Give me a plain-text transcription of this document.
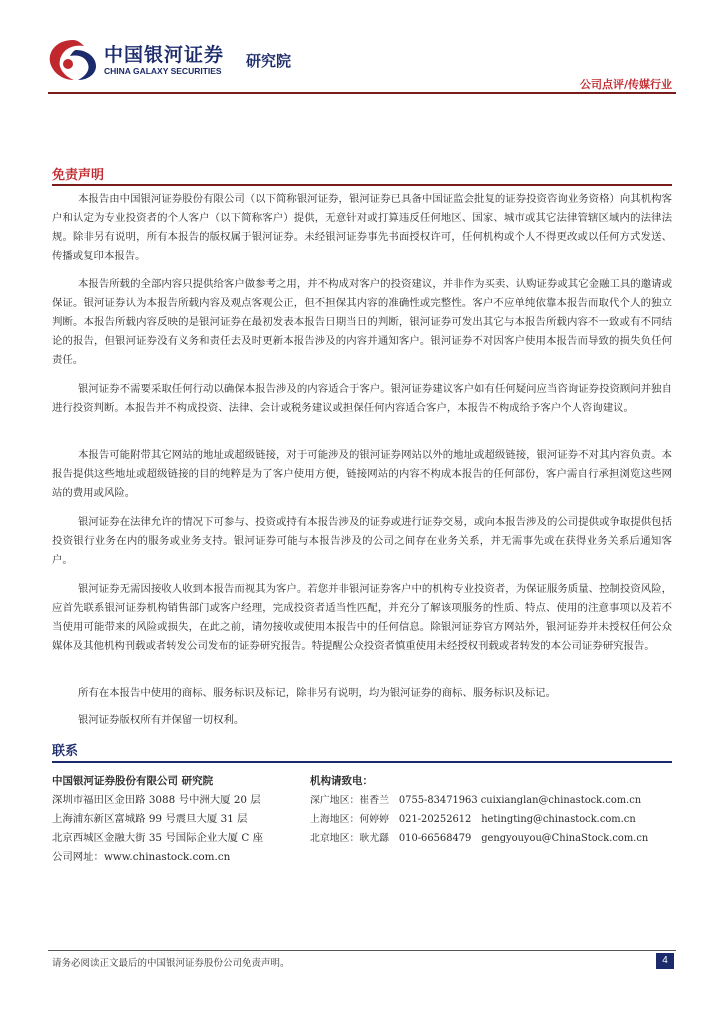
中国银河证券
CHINA GALAXY SECURITIES
研究院
公司点评/传媒行业
免责声明

本报告由中国银河证券股份有限公司（以下简称银河证券，银河证券已具备中国证监会批复的证券投资咨询业务资格）向其机构客户和认定为专业投资者的个人客户（以下简称客户）提供，无意针对或打算违反任何地区、国家、城市或其它法律管辖区域内的法律法规。除非另有说明，所有本报告的版权属于银河证券。未经银河证券事先书面授权许可，任何机构或个人不得更改或以任何方式发送、传播或复印本报告。

本报告所载的全部内容只提供给客户做参考之用，并不构成对客户的投资建议，并非作为买卖、认购证券或其它金融工具的邀请或保证。银河证券认为本报告所载内容及观点客观公正，但不担保其内容的准确性或完整性。客户不应单纯依靠本报告而取代个人的独立判断。本报告所载内容反映的是银河证券在最初发表本报告日期当日的判断，银河证券可发出其它与本报告所载内容不一致或有不同结论的报告，但银河证券没有义务和责任去及时更新本报告涉及的内容并通知客户。银河证券不对因客户使用本报告而导致的损失负任何责任。

银河证券不需要采取任何行动以确保本报告涉及的内容适合于客户。银河证券建议客户如有任何疑问应当咨询证券投资顾问并独自进行投资判断。本报告并不构成投资、法律、会计或税务建议或担保任何内容适合客户，本报告不构成给予客户个人咨询建议。

本报告可能附带其它网站的地址或超级链接，对于可能涉及的银河证券网站以外的地址或超级链接，银河证券不对其内容负责。本报告提供这些地址或超级链接的目的纯粹是为了客户使用方便，链接网站的内容不构成本报告的任何部份，客户需自行承担浏览这些网站的费用或风险。

银河证券在法律允许的情况下可参与、投资或持有本报告涉及的证券或进行证券交易，或向本报告涉及的公司提供或争取提供包括投资银行业务在内的服务或业务支持。银河证券可能与本报告涉及的公司之间存在业务关系，并无需事先或在获得业务关系后通知客户。

银河证券无需因接收人收到本报告而视其为客户。若您并非银河证券客户中的机构专业投资者，为保证服务质量、控制投资风险，应首先联系银河证券机构销售部门或客户经理，完成投资者适当性匹配，并充分了解该项服务的性质、特点、使用的注意事项以及若不当使用可能带来的风险或损失，在此之前，请勿接收或使用本报告中的任何信息。除银河证券官方网站外，银河证券并未授权任何公众媒体及其他机构刊载或者转发公司发布的证券研究报告。特提醒公众投资者慎重使用未经授权刊载或者转发的本公司证券研究报告。

所有在本报告中使用的商标、服务标识及标记，除非另有说明，均为银河证券的商标、服务标识及标记。

银河证券版权所有并保留一切权利。

联系
中国银河证券股份有限公司 研究院
深圳市福田区金田路 3088 号中洲大厦 20 层
上海浦东新区富城路 99 号震旦大厦 31 层
北京西城区金融大街 35 号国际企业大厦 C 座
公司网址：www.chinastock.com.cn
机构请致电：
深广地区：崔香兰　0755-83471963 cuixianglan@chinastock.com.cn
上海地区：何婷婷　021-20252612　hetingting@chinastock.com.cn
北京地区：耿尤繇　010-66568479　gengyouyou@ChinaStock.com.cn
请务必阅读正文最后的中国银河证券股份公司免责声明。	4
